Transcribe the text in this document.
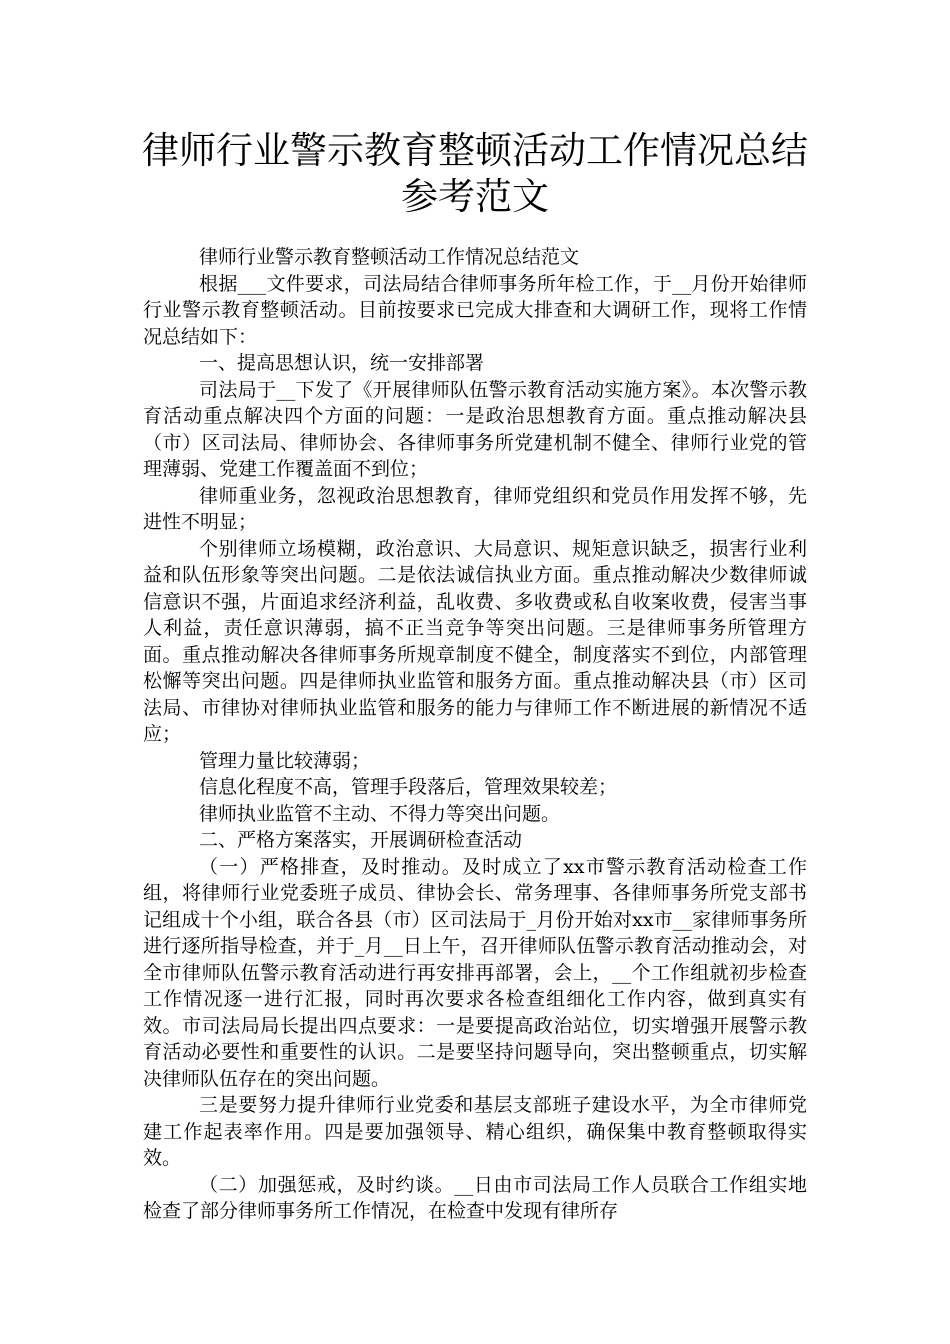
律师行业警示教育整顿活动工作情况总结
参考范文

律师行业警示教育整顿活动工作情况总结范文

根据___文件要求，司法局结合律师事务所年检工作，于__月份开始律师行业警示教育整顿活动。目前按要求已完成大排查和大调研工作，现将工作情况总结如下：

一、提高思想认识，统一安排部署

司法局于__下发了《开展律师队伍警示教育活动实施方案》。本次警示教育活动重点解决四个方面的问题：一是政治思想教育方面。重点推动解决县（市）区司法局、律师协会、各律师事务所党建机制不健全、律师行业党的管理薄弱、党建工作覆盖面不到位；

律师重业务，忽视政治思想教育，律师党组织和党员作用发挥不够，先进性不明显；

个别律师立场模糊，政治意识、大局意识、规矩意识缺乏，损害行业利益和队伍形象等突出问题。二是依法诚信执业方面。重点推动解决少数律师诚信意识不强，片面追求经济利益，乱收费、多收费或私自收案收费，侵害当事人利益，责任意识薄弱，搞不正当竞争等突出问题。三是律师事务所管理方面。重点推动解决各律师事务所规章制度不健全，制度落实不到位，内部管理松懈等突出问题。四是律师执业监管和服务方面。重点推动解决县（市）区司法局、市律协对律师执业监管和服务的能力与律师工作不断进展的新情况不适应；

管理力量比较薄弱；

信息化程度不高，管理手段落后，管理效果较差；

律师执业监管不主动、不得力等突出问题。

二、严格方案落实，开展调研检查活动

（一）严格排查，及时推动。及时成立了xx市警示教育活动检查工作组，将律师行业党委班子成员、律协会长、常务理事、各律师事务所党支部书记组成十个小组，联合各县（市）区司法局于_月份开始对xx市__家律师事务所进行逐所指导检查，并于_月__日上午，召开律师队伍警示教育活动推动会，对全市律师队伍警示教育活动进行再安排再部署，会上，__个工作组就初步检查工作情况逐一进行汇报，同时再次要求各检查组细化工作内容，做到真实有效。市司法局局长提出四点要求：一是要提高政治站位，切实增强开展警示教育活动必要性和重要性的认识。二是要坚持问题导向，突出整顿重点，切实解决律师队伍存在的突出问题。

三是要努力提升律师行业党委和基层支部班子建设水平，为全市律师党建工作起表率作用。四是要加强领导、精心组织，确保集中教育整顿取得实效。

（二）加强惩戒，及时约谈。__日由市司法局工作人员联合工作组实地检查了部分律师事务所工作情况，在检查中发现有律所存
